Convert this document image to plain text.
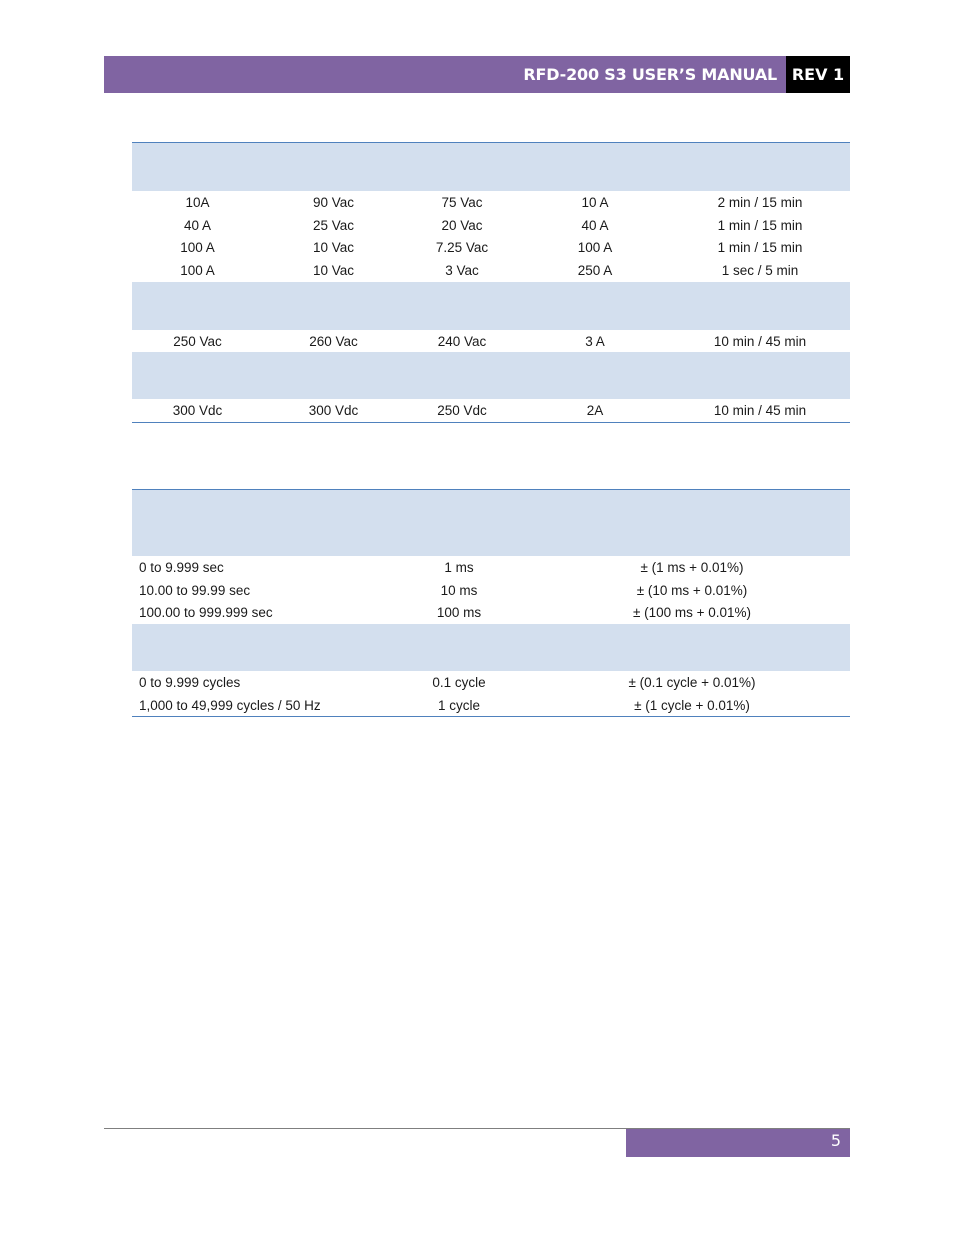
RFD-200 S3 USER’S MANUAL REV 1

10A	90 Vac	75 Vac	10 A	2 min / 15 min
40 A	25 Vac	20 Vac	40 A	1 min / 15 min
100 A	10 Vac	7.25 Vac	100 A	1 min / 15 min
100 A	10 Vac	3 Vac	250 A	1 sec / 5 min

250 Vac	260 Vac	240 Vac	3 A	10 min / 45 min

300 Vdc	300 Vdc	250 Vdc	2A	10 min / 45 min

0 to 9.999 sec	1 ms	± (1 ms + 0.01%)
10.00 to 99.99 sec	10 ms	± (10 ms + 0.01%)
100.00 to 999.999 sec	100 ms	± (100 ms + 0.01%)

0 to 9.999 cycles	0.1 cycle	± (0.1 cycle + 0.01%)
1,000 to 49,999 cycles / 50 Hz	1 cycle	± (1 cycle + 0.01%)
5
